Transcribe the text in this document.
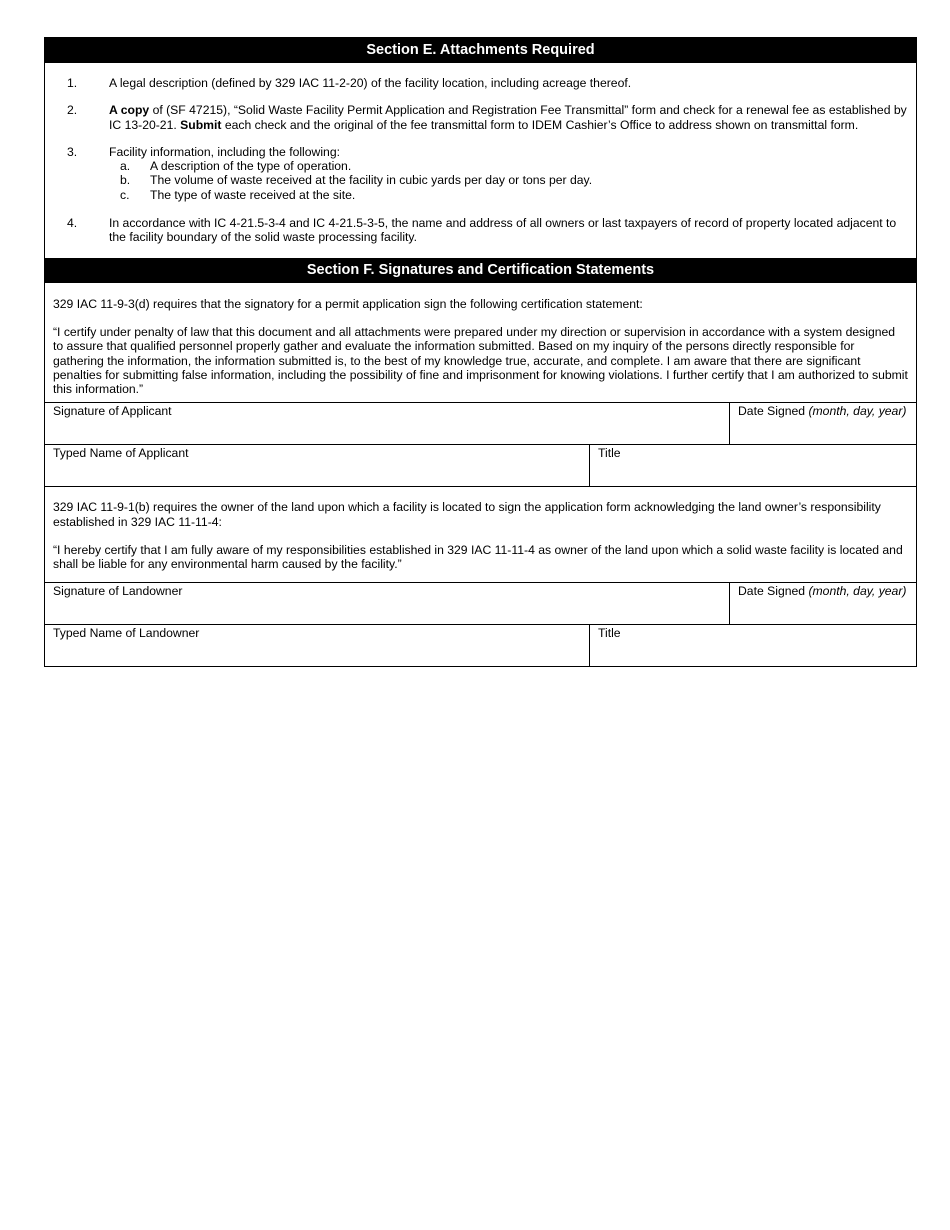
Section E. Attachments Required
1.	A legal description (defined by 329 IAC 11-2-20) of the facility location, including acreage thereof.
2.	A copy of (SF 47215), “Solid Waste Facility Permit Application and Registration Fee Transmittal” form and check for a renewal fee as established by IC 13-20-21. Submit each check and the original of the fee transmittal form to IDEM Cashier’s Office to address shown on transmittal form.
3.	Facility information, including the following:
a.	A description of the type of operation.
b.	The volume of waste received at the facility in cubic yards per day or tons per day.
c.	The type of waste received at the site.
4.	In accordance with IC 4-21.5-3-4 and IC 4-21.5-3-5, the name and address of all owners or last taxpayers of record of property located adjacent to the facility boundary of the solid waste processing facility.
Section F. Signatures and Certification Statements

329 IAC 11-9-3(d) requires that the signatory for a permit application sign the following certification statement:

“I certify under penalty of law that this document and all attachments were prepared under my direction or supervision in accordance with a system designed to assure that qualified personnel properly gather and evaluate the information submitted. Based on my inquiry of the persons directly responsible for gathering the information, the information submitted is, to the best of my knowledge true, accurate, and complete. I am aware that there are significant penalties for submitting false information, including the possibility of fine and imprisonment for knowing violations. I further certify that I am authorized to submit this information.”

Signature of Applicant	Date Signed (month, day, year)
Typed Name of Applicant	Title

329 IAC 11-9-1(b) requires the owner of the land upon which a facility is located to sign the application form acknowledging the land owner’s responsibility established in 329 IAC 11-11-4:

“I hereby certify that I am fully aware of my responsibilities established in 329 IAC 11-11-4 as owner of the land upon which a solid waste facility is located and shall be liable for any environmental harm caused by the facility.”

Signature of Landowner	Date Signed (month, day, year)
Typed Name of Landowner	Title
